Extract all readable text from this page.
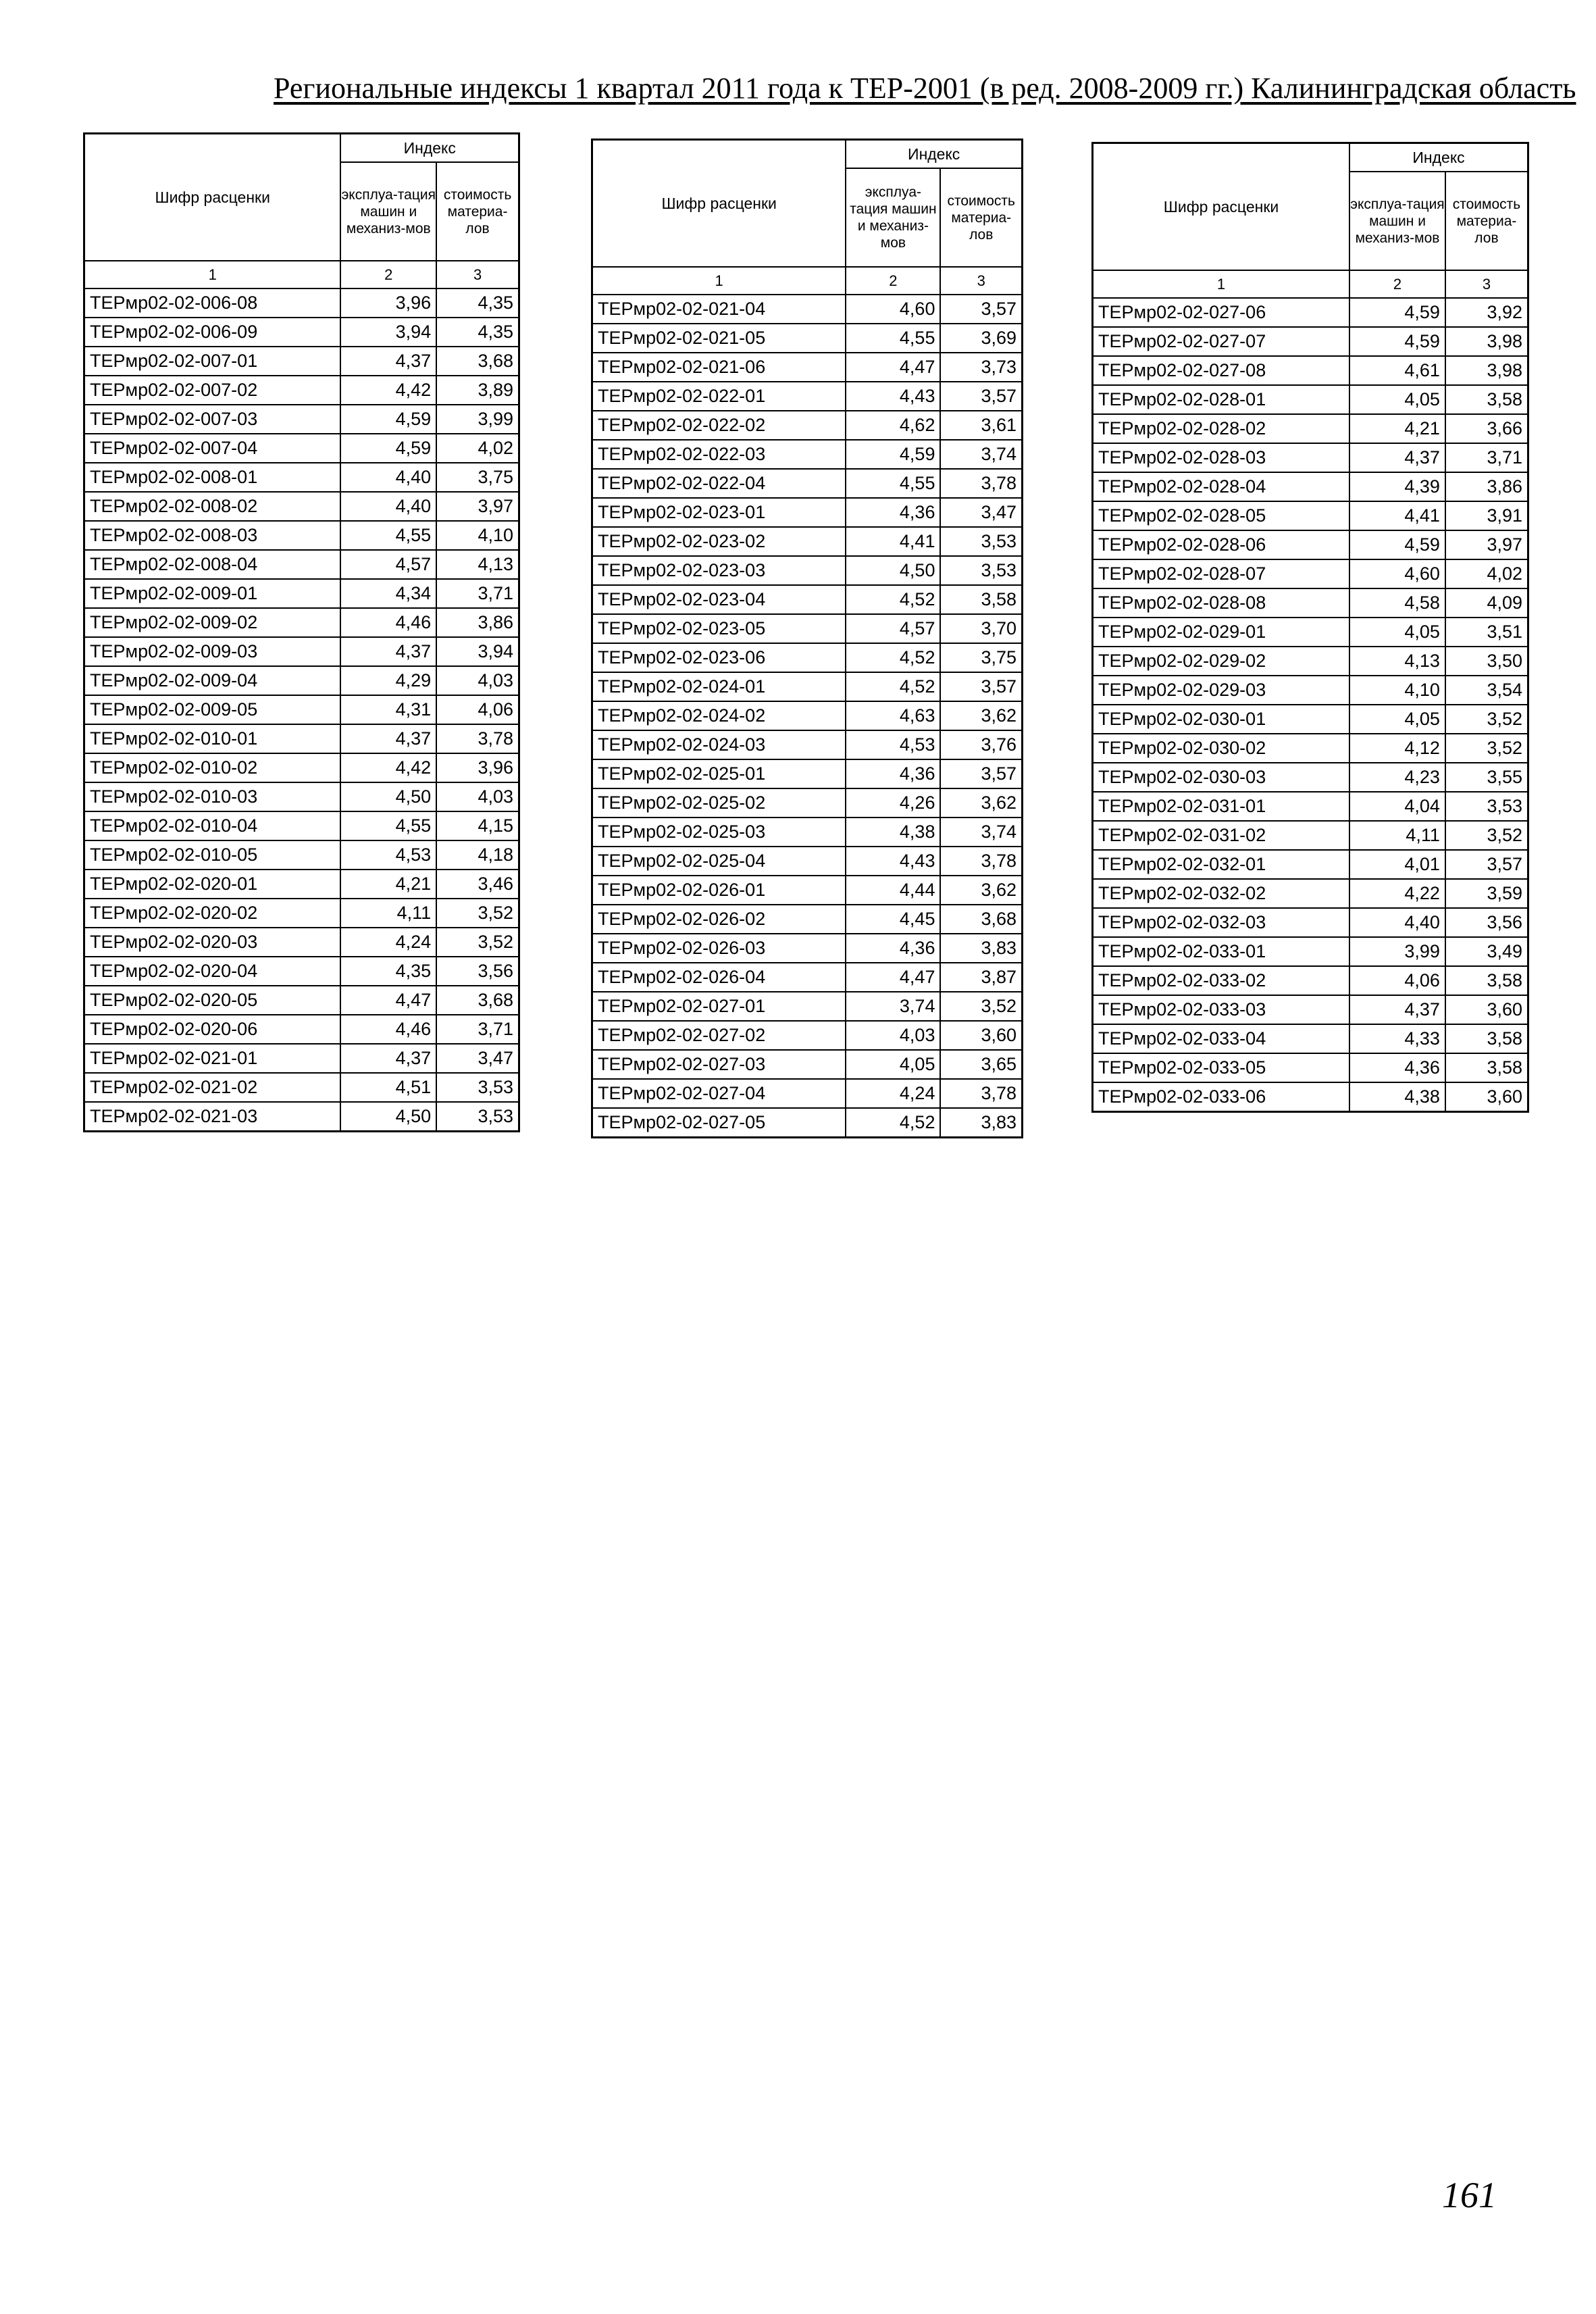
Региональные индексы 1 квартал 2011 года к ТЕР-2001 (в ред. 2008-2009 гг.) Калининградская область
Шифр расценки	Индекс	
	эксплуа-тация машин и механиз-мов	стоимость материа-лов
1	2	3
ТЕРмр02-02-006-08	3,96	4,35
ТЕРмр02-02-006-09	3,94	4,35
ТЕРмр02-02-007-01	4,37	3,68
ТЕРмр02-02-007-02	4,42	3,89
ТЕРмр02-02-007-03	4,59	3,99
ТЕРмр02-02-007-04	4,59	4,02
ТЕРмр02-02-008-01	4,40	3,75
ТЕРмр02-02-008-02	4,40	3,97
ТЕРмр02-02-008-03	4,55	4,10
ТЕРмр02-02-008-04	4,57	4,13
ТЕРмр02-02-009-01	4,34	3,71
ТЕРмр02-02-009-02	4,46	3,86
ТЕРмр02-02-009-03	4,37	3,94
ТЕРмр02-02-009-04	4,29	4,03
ТЕРмр02-02-009-05	4,31	4,06
ТЕРмр02-02-010-01	4,37	3,78
ТЕРмр02-02-010-02	4,42	3,96
ТЕРмр02-02-010-03	4,50	4,03
ТЕРмр02-02-010-04	4,55	4,15
ТЕРмр02-02-010-05	4,53	4,18
ТЕРмр02-02-020-01	4,21	3,46
ТЕРмр02-02-020-02	4,11	3,52
ТЕРмр02-02-020-03	4,24	3,52
ТЕРмр02-02-020-04	4,35	3,56
ТЕРмр02-02-020-05	4,47	3,68
ТЕРмр02-02-020-06	4,46	3,71
ТЕРмр02-02-021-01	4,37	3,47
ТЕРмр02-02-021-02	4,51	3,53
ТЕРмр02-02-021-03	4,50	3,53
Шифр расценки	Индекс	
	эксплуа-тация машин и механиз-мов	стоимость материа-лов
1	2	3
ТЕРмр02-02-021-04	4,60	3,57
ТЕРмр02-02-021-05	4,55	3,69
ТЕРмр02-02-021-06	4,47	3,73
ТЕРмр02-02-022-01	4,43	3,57
ТЕРмр02-02-022-02	4,62	3,61
ТЕРмр02-02-022-03	4,59	3,74
ТЕРмр02-02-022-04	4,55	3,78
ТЕРмр02-02-023-01	4,36	3,47
ТЕРмр02-02-023-02	4,41	3,53
ТЕРмр02-02-023-03	4,50	3,53
ТЕРмр02-02-023-04	4,52	3,58
ТЕРмр02-02-023-05	4,57	3,70
ТЕРмр02-02-023-06	4,52	3,75
ТЕРмр02-02-024-01	4,52	3,57
ТЕРмр02-02-024-02	4,63	3,62
ТЕРмр02-02-024-03	4,53	3,76
ТЕРмр02-02-025-01	4,36	3,57
ТЕРмр02-02-025-02	4,26	3,62
ТЕРмр02-02-025-03	4,38	3,74
ТЕРмр02-02-025-04	4,43	3,78
ТЕРмр02-02-026-01	4,44	3,62
ТЕРмр02-02-026-02	4,45	3,68
ТЕРмр02-02-026-03	4,36	3,83
ТЕРмр02-02-026-04	4,47	3,87
ТЕРмр02-02-027-01	3,74	3,52
ТЕРмр02-02-027-02	4,03	3,60
ТЕРмр02-02-027-03	4,05	3,65
ТЕРмр02-02-027-04	4,24	3,78
ТЕРмр02-02-027-05	4,52	3,83
Шифр расценки	Индекс	
	эксплуа-тация машин и механиз-мов	стоимость материа-лов
1	2	3
ТЕРмр02-02-027-06	4,59	3,92
ТЕРмр02-02-027-07	4,59	3,98
ТЕРмр02-02-027-08	4,61	3,98
ТЕРмр02-02-028-01	4,05	3,58
ТЕРмр02-02-028-02	4,21	3,66
ТЕРмр02-02-028-03	4,37	3,71
ТЕРмр02-02-028-04	4,39	3,86
ТЕРмр02-02-028-05	4,41	3,91
ТЕРмр02-02-028-06	4,59	3,97
ТЕРмр02-02-028-07	4,60	4,02
ТЕРмр02-02-028-08	4,58	4,09
ТЕРмр02-02-029-01	4,05	3,51
ТЕРмр02-02-029-02	4,13	3,50
ТЕРмр02-02-029-03	4,10	3,54
ТЕРмр02-02-030-01	4,05	3,52
ТЕРмр02-02-030-02	4,12	3,52
ТЕРмр02-02-030-03	4,23	3,55
ТЕРмр02-02-031-01	4,04	3,53
ТЕРмр02-02-031-02	4,11	3,52
ТЕРмр02-02-032-01	4,01	3,57
ТЕРмр02-02-032-02	4,22	3,59
ТЕРмр02-02-032-03	4,40	3,56
ТЕРмр02-02-033-01	3,99	3,49
ТЕРмр02-02-033-02	4,06	3,58
ТЕРмр02-02-033-03	4,37	3,60
ТЕРмр02-02-033-04	4,33	3,58
ТЕРмр02-02-033-05	4,36	3,58
ТЕРмр02-02-033-06	4,38	3,60
161
